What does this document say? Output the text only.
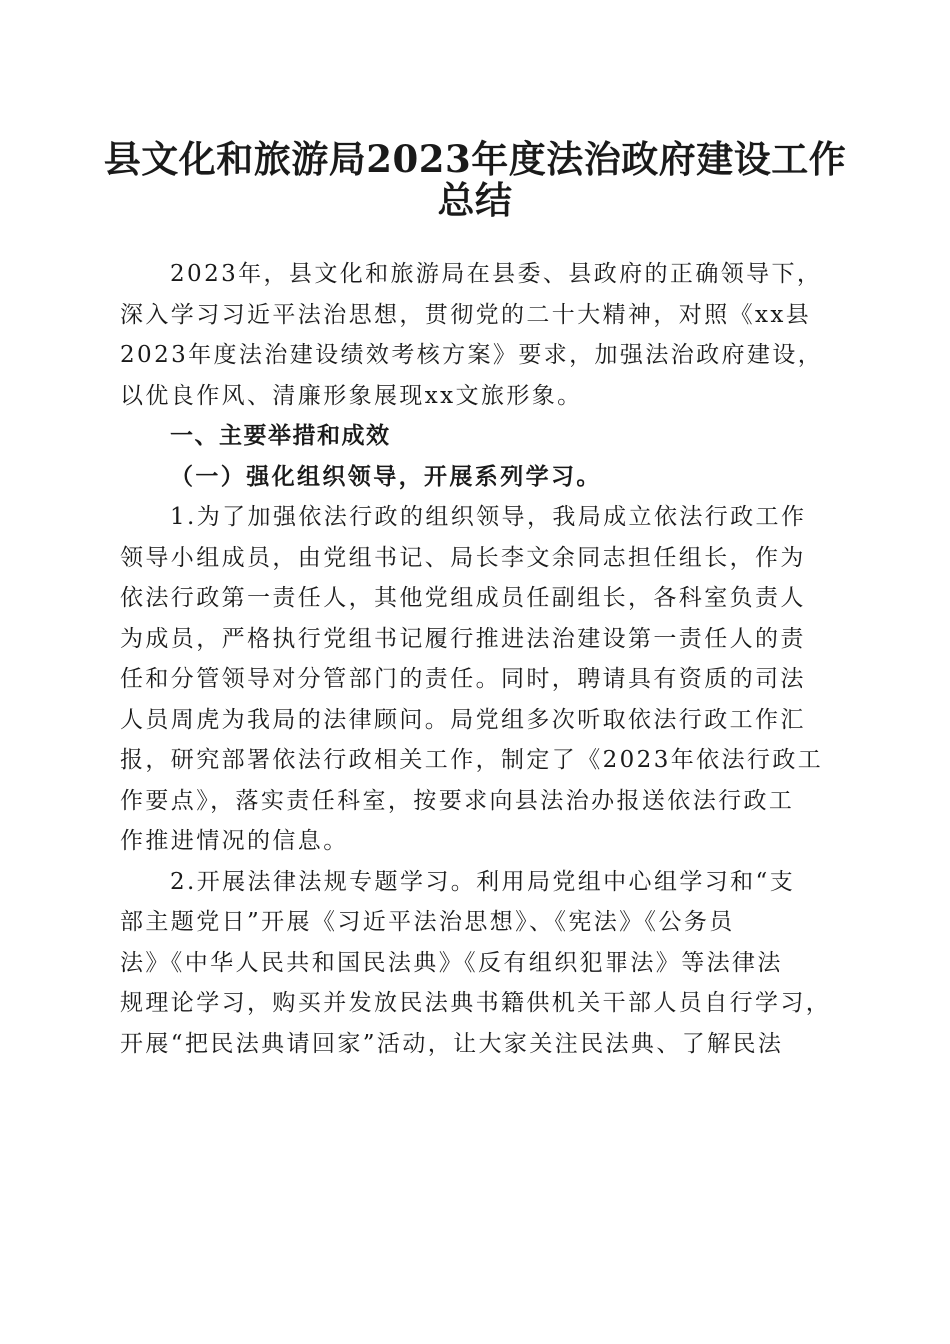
县文化和旅游局2023年度法治政府建设工作
总结
2023年，县文化和旅游局在县委、县政府的正确领导下，
深入学习习近平法治思想，贯彻党的二十大精神，对照《xx县
2023年度法治建设绩效考核方案》要求，加强法治政府建设，
以优良作风、清廉形象展现xx文旅形象。
一、主要举措和成效
（一）强化组织领导，开展系列学习。
1.为了加强依法行政的组织领导，我局成立依法行政工作
领导小组成员，由党组书记、局长李文余同志担任组长，作为
依法行政第一责任人，其他党组成员任副组长，各科室负责人
为成员，严格执行党组书记履行推进法治建设第一责任人的责
任和分管领导对分管部门的责任。同时，聘请具有资质的司法
人员周虎为我局的法律顾问。局党组多次听取依法行政工作汇
报，研究部署依法行政相关工作，制定了《2023年依法行政工
作要点》，落实责任科室，按要求向县法治办报送依法行政工
作推进情况的信息。
2.开展法律法规专题学习。利用局党组中心组学习和“支
部主题党日”开展《习近平法治思想》、《宪法》《公务员
法》《中华人民共和国民法典》《反有组织犯罪法》等法律法
规理论学习，购买并发放民法典书籍供机关干部人员自行学习，
开展“把民法典请回家”活动，让大家关注民法典、了解民法
